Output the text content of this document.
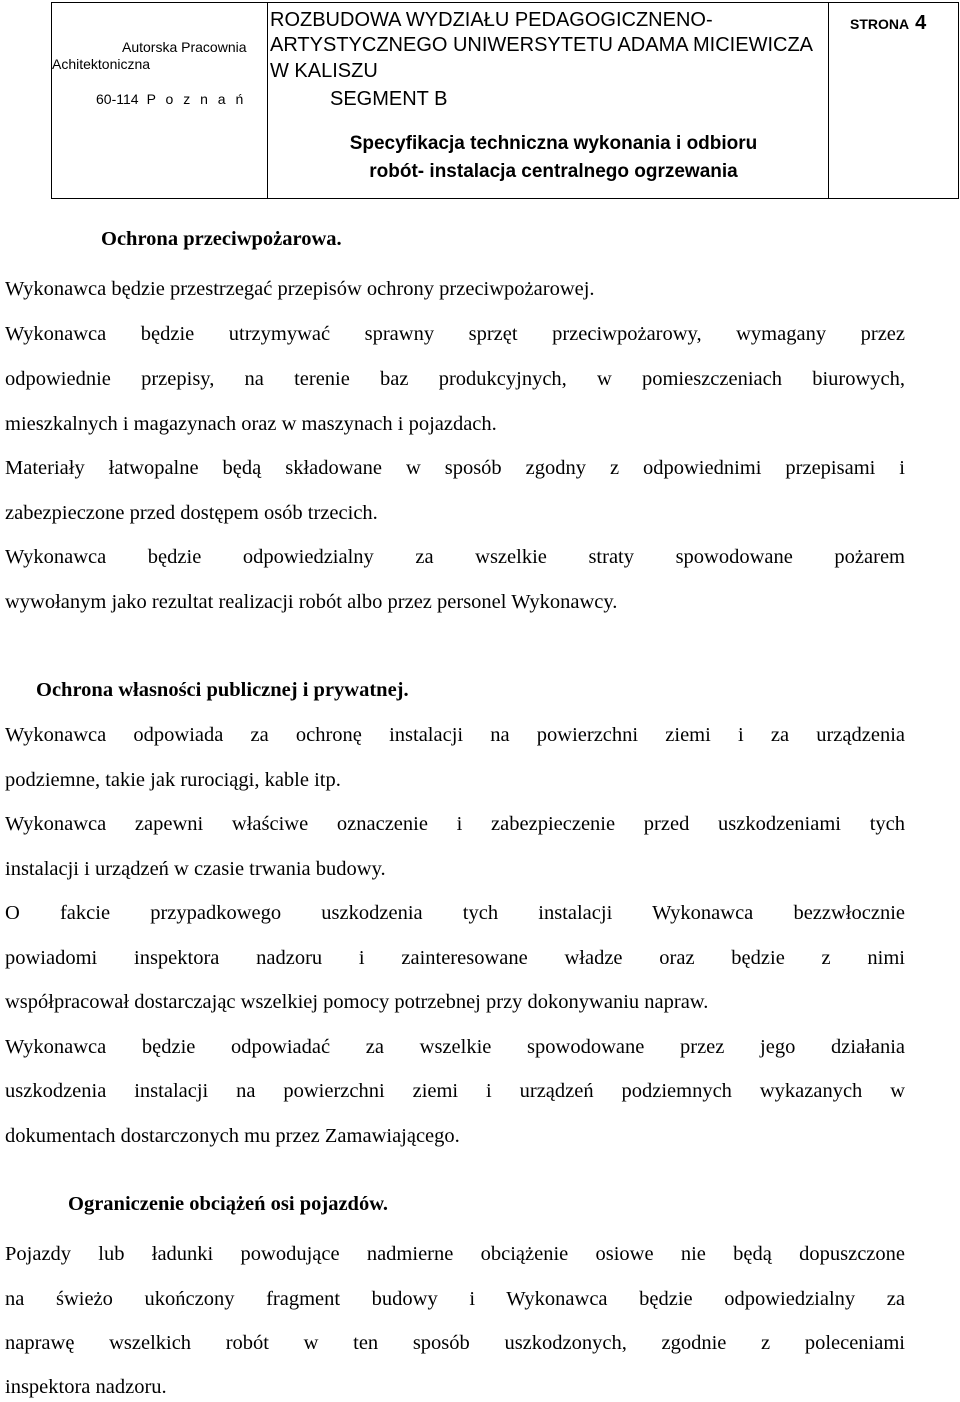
Autorska Pracownia
Achitektoniczna
60-114 P o z n a ń
ROZBUDOWA WYDZIAŁU PEDAGOGICZNENO-
ARTYSTYCZNEGO UNIWERSYTETU ADAMA MICIEWICZA
W KALISZU
SEGMENT B
Specyfikacja techniczna wykonania i odbioru
robót- instalacja centralnego ogrzewania
STRONA 4
Ochrona przeciwpożarowa.
Wykonawca będzie przestrzegać przepisów ochrony przeciwpożarowej.
Wykonawca będzie utrzymywać sprawny sprzęt przeciwpożarowy, wymagany przez
odpowiednie przepisy, na terenie baz produkcyjnych, w pomieszczeniach biurowych,
mieszkalnych i magazynach oraz w maszynach i pojazdach.
Materiały łatwopalne będą składowane w sposób zgodny z odpowiednimi przepisami i
zabezpieczone przed dostępem osób trzecich.
Wykonawca będzie odpowiedzialny za wszelkie straty spowodowane pożarem
wywołanym jako rezultat realizacji robót albo przez personel Wykonawcy.
Ochrona własności publicznej i prywatnej.
Wykonawca odpowiada za ochronę instalacji na powierzchni ziemi i za urządzenia
podziemne, takie jak rurociągi, kable itp.
Wykonawca zapewni właściwe oznaczenie i zabezpieczenie przed uszkodzeniami tych
instalacji i urządzeń w czasie trwania budowy.
O fakcie przypadkowego uszkodzenia tych instalacji Wykonawca bezzwłocznie
powiadomi inspektora nadzoru i zainteresowane władze oraz będzie z nimi
współpracował dostarczając wszelkiej pomocy potrzebnej przy dokonywaniu napraw.
Wykonawca będzie odpowiadać za wszelkie spowodowane przez jego działania
uszkodzenia instalacji na powierzchni ziemi i urządzeń podziemnych wykazanych w
dokumentach dostarczonych mu przez Zamawiającego.
Ograniczenie obciążeń osi pojazdów.
Pojazdy lub ładunki powodujące nadmierne obciążenie osiowe nie będą dopuszczone
na świeżo ukończony fragment budowy i Wykonawca będzie odpowiedzialny za
naprawę wszelkich robót w ten sposób uszkodzonych, zgodnie z poleceniami
inspektora nadzoru.
